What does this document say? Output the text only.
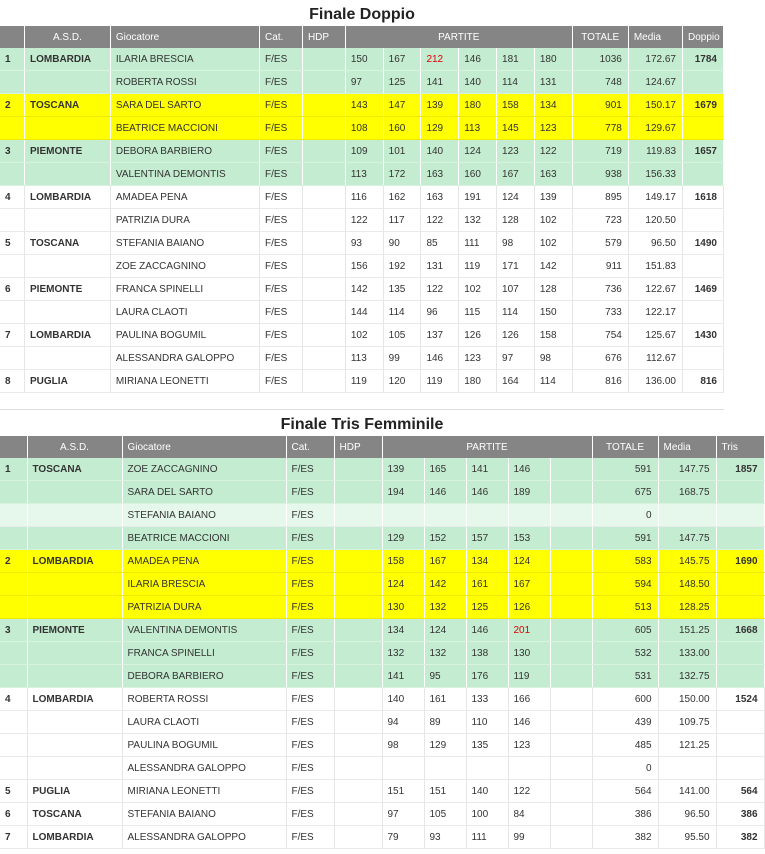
Finale Doppio
	A.S.D.	Giocatore	Cat.	HDP	PARTITE						TOTALE	Media	Doppio
1	LOMBARDIA	ILARIA BRESCIA	F/ES		150	167	212	146	181	180	1036	172.67	1784
		ROBERTA ROSSI	F/ES		97	125	141	140	114	131	748	124.67	
2	TOSCANA	SARA DEL SARTO	F/ES		143	147	139	180	158	134	901	150.17	1679
		BEATRICE MACCIONI	F/ES		108	160	129	113	145	123	778	129.67	
3	PIEMONTE	DEBORA BARBIERO	F/ES		109	101	140	124	123	122	719	119.83	1657
		VALENTINA DEMONTIS	F/ES		113	172	163	160	167	163	938	156.33	
4	LOMBARDIA	AMADEA PENA	F/ES		116	162	163	191	124	139	895	149.17	1618
		PATRIZIA DURA	F/ES		122	117	122	132	128	102	723	120.50	
5	TOSCANA	STEFANIA BAIANO	F/ES		93	90	85	111	98	102	579	96.50	1490
		ZOE ZACCAGNINO	F/ES		156	192	131	119	171	142	911	151.83	
6	PIEMONTE	FRANCA SPINELLI	F/ES		142	135	122	102	107	128	736	122.67	1469
		LAURA CLAOTI	F/ES		144	114	96	115	114	150	733	122.17	
7	LOMBARDIA	PAULINA BOGUMIL	F/ES		102	105	137	126	126	158	754	125.67	1430
		ALESSANDRA GALOPPO	F/ES		113	99	146	123	97	98	676	112.67	
8	PUGLIA	MIRIANA LEONETTI	F/ES		119	120	119	180	164	114	816	136.00	816
Finale Tris Femminile
	A.S.D.	Giocatore	Cat.	HDP	PARTITE					TOTALE	Media	Tris
1	TOSCANA	ZOE ZACCAGNINO	F/ES		139	165	141	146		591	147.75	1857
		SARA DEL SARTO	F/ES		194	146	146	189		675	168.75	
		STEFANIA BAIANO	F/ES							0		
		BEATRICE MACCIONI	F/ES		129	152	157	153		591	147.75	
2	LOMBARDIA	AMADEA PENA	F/ES		158	167	134	124		583	145.75	1690
		ILARIA BRESCIA	F/ES		124	142	161	167		594	148.50	
		PATRIZIA DURA	F/ES		130	132	125	126		513	128.25	
3	PIEMONTE	VALENTINA DEMONTIS	F/ES		134	124	146	201		605	151.25	1668
		FRANCA SPINELLI	F/ES		132	132	138	130		532	133.00	
		DEBORA BARBIERO	F/ES		141	95	176	119		531	132.75	
4	LOMBARDIA	ROBERTA ROSSI	F/ES		140	161	133	166		600	150.00	1524
		LAURA CLAOTI	F/ES		94	89	110	146		439	109.75	
		PAULINA BOGUMIL	F/ES		98	129	135	123		485	121.25	
		ALESSANDRA GALOPPO	F/ES							0		
5	PUGLIA	MIRIANA LEONETTI	F/ES		151	151	140	122		564	141.00	564
6	TOSCANA	STEFANIA BAIANO	F/ES		97	105	100	84		386	96.50	386
7	LOMBARDIA	ALESSANDRA GALOPPO	F/ES		79	93	111	99		382	95.50	382
